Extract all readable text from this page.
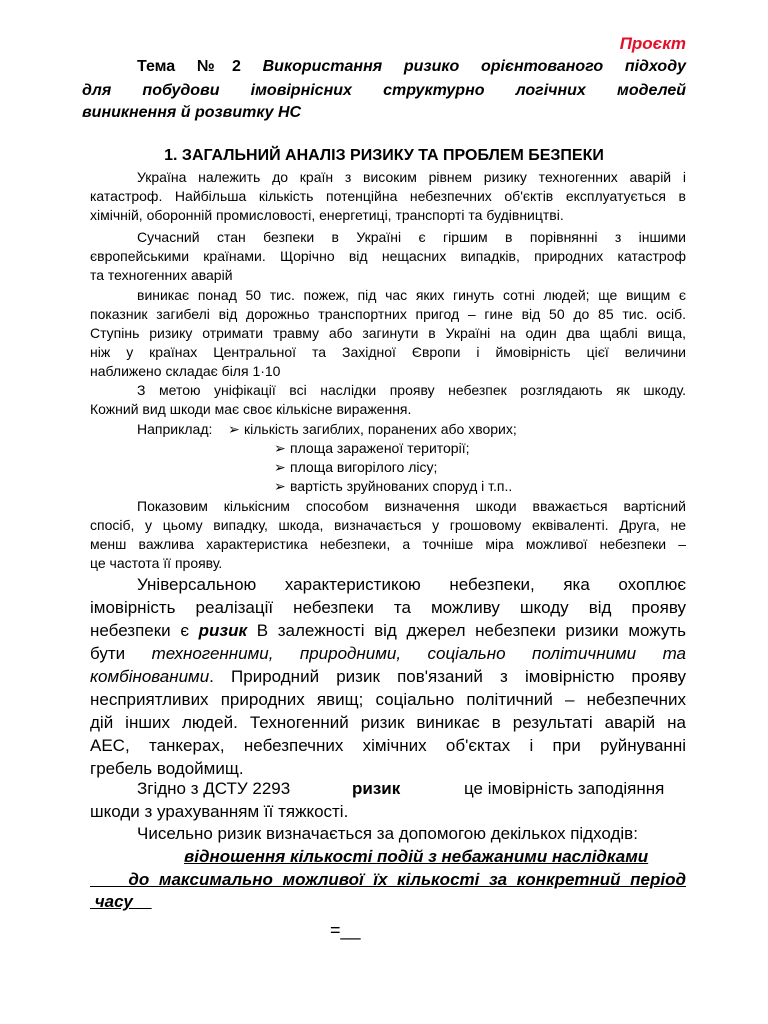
Проєкт
Тема №2 Використання ризико орієнтованого підходу
для побудови імовірнісних структурно логічних моделей
виникнення й розвитку НС
1. ЗАГАЛЬНИЙ АНАЛІЗ РИЗИКУ ТА ПРОБЛЕМ БЕЗПЕКИ
Україна належить до країн з високим рівнем ризику техногенних аварій і
катастроф. Найбільша кількість потенційна небезпечних об'єктів експлуатується в
хімічній, оборонній промисловості, енергетиці, транспорті та будівництві.
Сучасний стан безпеки в Україні є гіршим в порівнянні з іншими
європейськими країнами. Щорічно від нещасних випадків, природних катастроф
та техногенних аварій
виникає понад 50 тис. пожеж, під час яких гинуть сотні людей; ще вищим є
показник загибелі від дорожньо транспортних пригод – гине від 50 до 85 тис. осіб.
Ступінь ризику отримати травму або загинути в Україні на один два щаблі вища,
ніж у країнах Центральної та Західної Європи і ймовірність цієї величини
наближено складає біля 1·10
З метою уніфікації всі наслідки прояву небезпек розглядають як шкоду.
Кожний вид шкоди має своє кількісне вираження.
Наприклад: ➢ кількість загиблих, поранених або хворих;
➢ площа зараженої території;
➢ площа вигорілого лісу;
➢ вартість зруйнованих споруд і т.п..
Показовим кількісним способом визначення шкоди вважається вартісний
спосіб, у цьому випадку, шкода, визначається у грошовому еквіваленті. Друга, не
менш важлива характеристика небезпеки, а точніше міра можливої небезпеки –
це частота її прояву.
Універсальною характеристикою небезпеки, яка охоплює
імовірність реалізації небезпеки та можливу шкоду від прояву
небезпеки є ризик В залежності від джерел небезпеки ризики можуть
бути техногенними, природними, соціально політичними та
комбінованими. Природний ризик пов'язаний з імовірністю прояву
несприятливих природних явищ; соціально політичний – небезпечних
дій інших людей. Техногенний ризик виникає в результаті аварій на
АЕС, танкерах, небезпечних хімічних об'єктах і при руйнуванні
гребель водоймищ.
Згідно з ДСТУ 2293	ризик	це імовірність заподіяння
шкоди з урахуванням її тяжкості.
Чисельно ризик визначається за допомогою декількох підходів:
відношення кількості подій з небажаними наслідками
до максимально можливої їх кількості за конкретний період
часу
=__
